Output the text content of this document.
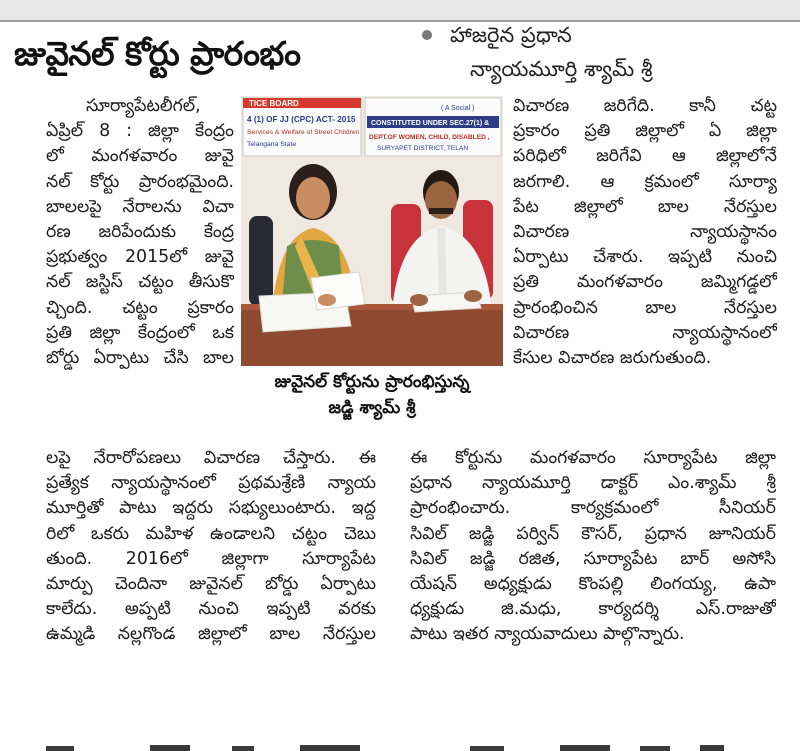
జువైనల్ కోర్టు ప్రారంభం	హాజరైన ప్రధాన
న్యాయమూర్తి శ్యామ్ శ్రీ

సూర్యాపేటలీగల్,

ఏప్రిల్ 8 : జిల్లా కేంద్రం

లో మంగళవారం జువై

నల్ కోర్టు ప్రారంభమైంది.

బాలలపై నేరాలను విచా

రణ జరిపేందుకు కేంద్ర

ప్రభుత్వం 2015లో జువై

నల్ జస్టిస్ చట్టం తీసుకొ

చ్చింది. చట్టం ప్రకారం

ప్రతి జిల్లా కేంద్రంలో ఒక

బోర్డు ఏర్పాటు చేసి బాల

TICE BOARD
4 (1) OF JJ (CPC) ACT- 2015
Services & Welfare of Street Children
Telangana State
( A Social )
CONSTITUTED UNDER SEC.27(1) &
DEPT.OF WOMEN, CHILD, DISABLED ,
SURYAPET DISTRICT, TELAN
జువైనల్ కోర్టును ప్రారంభిస్తున్న
జడ్జి శ్యామ్ శ్రీ

విచారణ జరిగేది. కానీ చట్ట

ప్రకారం ప్రతి జిల్లాలో ఏ జిల్లా

పరిధిలో జరిగేవి ఆ జిల్లాలోనే

జరగాలి. ఆ క్రమంలో సూర్యా

పేట జిల్లాలో బాల నేరస్తుల

విచారణ న్యాయస్థానం

ఏర్పాటు చేశారు. ఇప్పటి నుంచి

ప్రతి మంగళవారం జమ్మిగడ్డలో

ప్రారంభించిన బాల నేరస్తుల

విచారణ న్యాయస్థానంలో

కేసుల విచారణ జరుగుతుంది.

లపై నేరారోపణలు విచారణ చేస్తారు. ఈ

ప్రత్యేక న్యాయస్థానంలో ప్రథమశ్రేణి న్యాయ

మూర్తితో పాటు ఇద్దరు సభ్యులుంటారు. ఇద్ద

రిలో ఒకరు మహిళ ఉండాలని చట్టం చెబు

తుంది. 2016లో జిల్లాగా సూర్యాపేట

మార్పు చెందినా జువైనల్ బోర్డు ఏర్పాటు

కాలేదు. అప్పటి నుంచి ఇప్పటి వరకు

ఉమ్మడి నల్లగొండ జిల్లాలో బాల నేరస్తుల

ఈ కోర్టును మంగళవారం సూర్యాపేట జిల్లా

ప్రధాన న్యాయమూర్తి డాక్టర్ ఎం.శ్యామ్ శ్రీ

ప్రారంభించారు. కార్యక్రమంలో సీనియర్

సివిల్ జడ్జి పర్విన్ కౌసర్, ప్రధాన జూనియర్

సివిల్ జడ్జి రజిత, సూర్యాపేట బార్ అసోసి

యేషన్ అధ్యక్షుడు కొంపల్లి లింగయ్య, ఉపా

ధ్యక్షుడు జి.మధు, కార్యదర్శి ఎస్.రాజుతో

పాటు ఇతర న్యాయవాదులు పాల్గొన్నారు.
